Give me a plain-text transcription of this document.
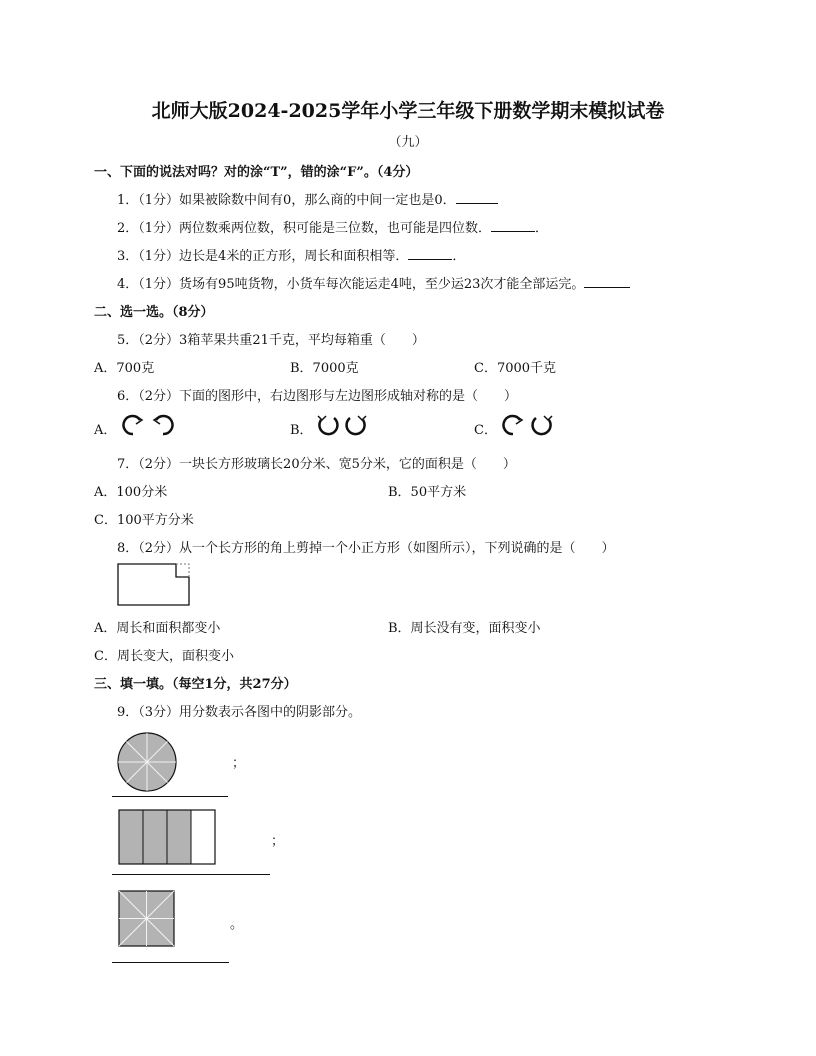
北师大版2024-2025学年小学三年级下册数学期末模拟试卷
（九）
一、下面的说法对吗？对的涂“T”，错的涂“F”。（4分）
1．（1分）如果被除数中间有0，那么商的中间一定也是0．
2．（1分）两位数乘两位数，积可能是三位数，也可能是四位数．	．
3．（1分）边长是4米的正方形，周长和面积相等．	．
4．（1分）货场有95吨货物，小货车每次能运走4吨，至少运23次才能全部运完。
二、选一选。（8分）
5．（2分）3箱苹果共重21千克，平均每箱重（　　）
A．700克	B．7000克	C．7000千克
6．（2分）下面的图形中，右边图形与左边图形成轴对称的是（　　）
A．	B．	C．
7．（2分）一块长方形玻璃长20分米、宽5分米，它的面积是（　　）
A．100分米	B．50平方米
C．100平方分米
8．（2分）从一个长方形的角上剪掉一个小正方形（如图所示），下列说确的是（　　）
A．周长和面积都变小	B．周长没有变，面积变小
C．周长变大，面积变小
三、填一填。（每空1分，共27分）
9．（3分）用分数表示各图中的阴影部分。
；
；
。
